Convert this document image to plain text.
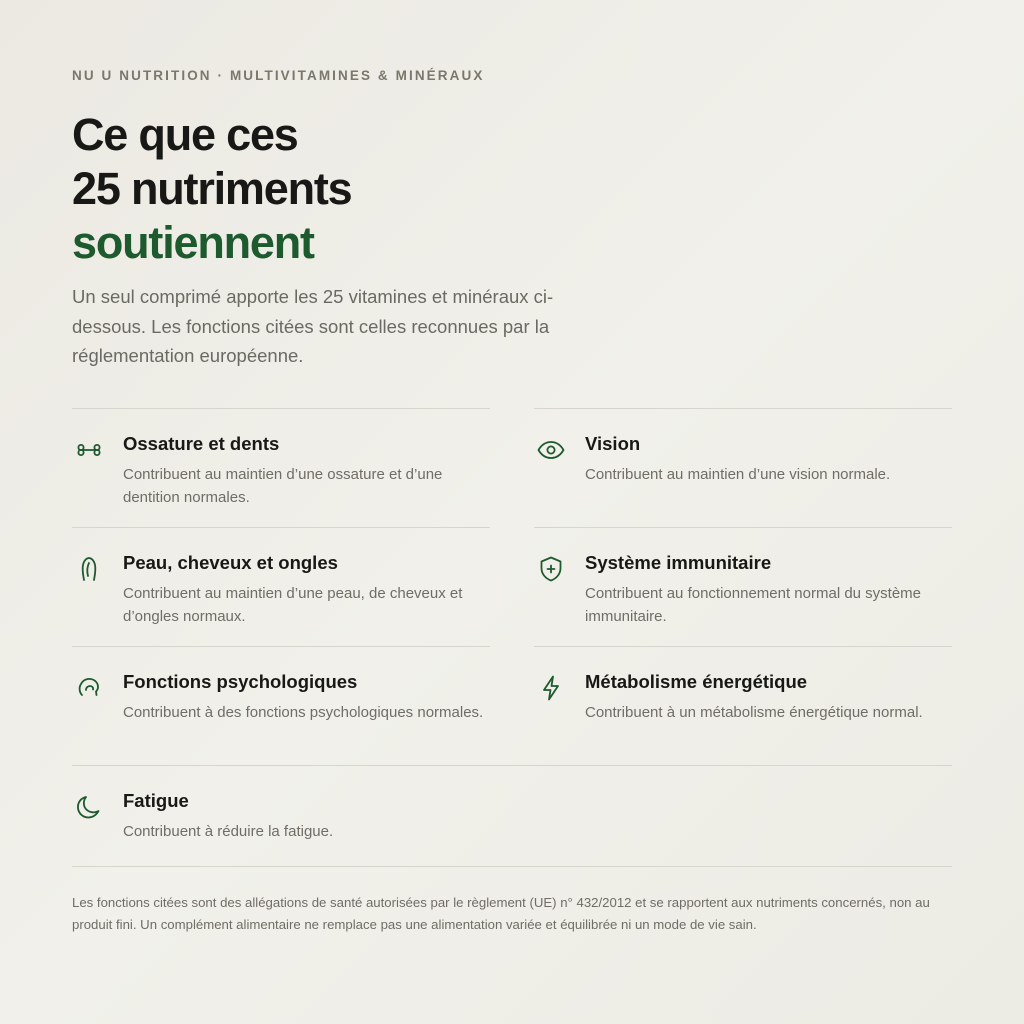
NU U NUTRITION · MULTIVITAMINES & MINÉRAUX
Ce que ces
25 nutriments
soutiennent

Un seul comprimé apporte les 25 vitamines et minéraux ci-dessous. Les fonctions citées sont celles reconnues par la réglementation européenne.

Ossature et dents
Contribuent au maintien d’une ossature et d’une dentition normales.
Peau, cheveux et ongles
Contribuent au maintien d’une peau, de cheveux et d’ongles normaux.
Fonctions psychologiques
Contribuent à des fonctions psychologiques normales.
Vision
Contribuent au maintien d’une vision normale.
Système immunitaire
Contribuent au fonctionnement normal du système immunitaire.
Métabolisme énergétique
Contribuent à un métabolisme énergétique normal.
Fatigue
Contribuent à réduire la fatigue.

Les fonctions citées sont des allégations de santé autorisées par le règlement (UE) n° 432/2012 et se rapportent aux nutriments concernés, non au produit fini. Un complément alimentaire ne remplace pas une alimentation variée et équilibrée ni un mode de vie sain.
